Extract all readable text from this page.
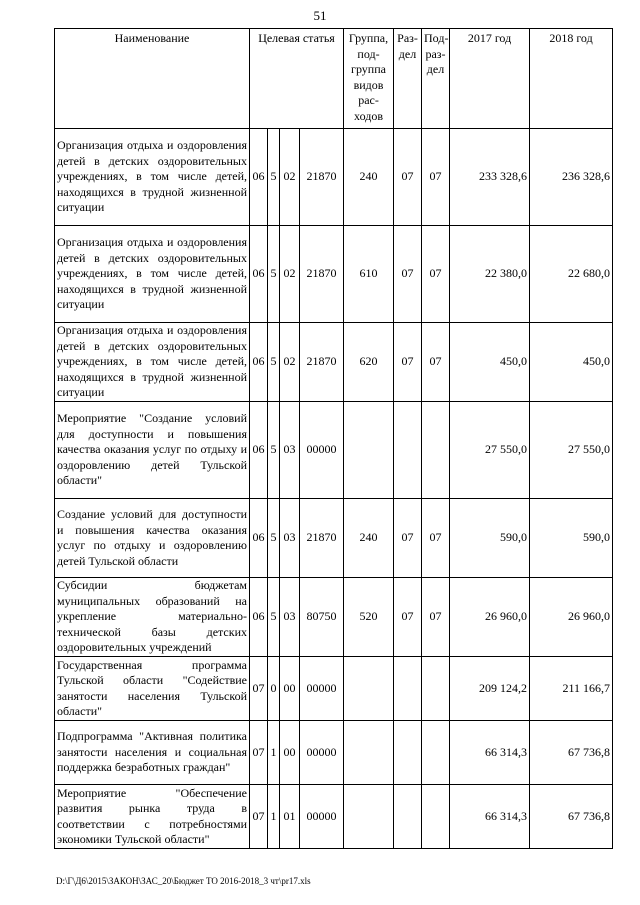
51
Наименование	Целевая статья				Группа, под-группа видов рас-ходов	Раз-дел	Под-раз-дел	2017 год	2018 год
Организация отдыха и оздоровления детей в детских оздоровительных учреждениях, в том числе детей, находящихся в трудной жизненной ситуации	06	5	02	21870	240	07	07	233 328,6	236 328,6
Организация отдыха и оздоровления детей в детских оздоровительных учреждениях, в том числе детей, находящихся в трудной жизненной ситуации	06	5	02	21870	610	07	07	22 380,0	22 680,0
Организация отдыха и оздоровления детей в детских оздоровительных учреждениях, в том числе детей, находящихся в трудной жизненной ситуации	06	5	02	21870	620	07	07	450,0	450,0
Мероприятие "Создание условий для доступности и повышения качества оказания услуг по отдыху и оздоровлению детей Тульской области"	06	5	03	00000				27 550,0	27 550,0
Создание условий для доступности и повышения качества оказания услуг по отдыху и оздоровлению детей Тульской области	06	5	03	21870	240	07	07	590,0	590,0
Субсидии бюджетам муниципальных образований на укрепление материально-технической базы детских оздоровительных учреждений	06	5	03	80750	520	07	07	26 960,0	26 960,0
Государственная программа Тульской области "Содействие занятости населения Тульской области"	07	0	00	00000				209 124,2	211 166,7
Подпрограмма "Активная политика занятости населения и социальная поддержка безработных граждан"	07	1	00	00000				66 314,3	67 736,8
Мероприятие "Обеспечение развития рынка труда в соответствии с потребностями экономики Тульской области"	07	1	01	00000				66 314,3	67 736,8
D:\Г\Д6\2015\ЗАКОН\ЗАС_20\Бюджет ТО 2016-2018_3 чт\pr17.xls
